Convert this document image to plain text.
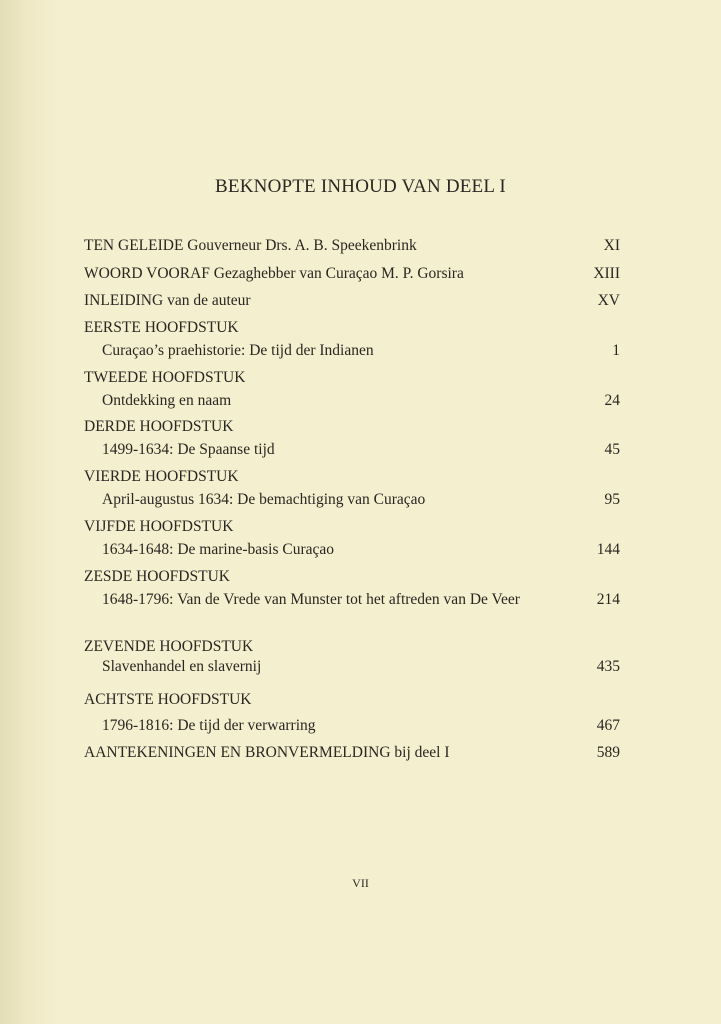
BEKNOPTE INHOUD VAN DEEL I
TEN GELEIDE Gouverneur Drs. A. B. Speekenbrink	XI
WOORD VOORAF Gezaghebber van Curaçao M. P. Gorsira	XIII
INLEIDING van de auteur	XV
EERSTE HOOFDSTUK
Curaçao’s praehistorie: De tijd der Indianen	1
TWEEDE HOOFDSTUK
Ontdekking en naam	24
DERDE HOOFDSTUK
1499-1634: De Spaanse tijd	45
VIERDE HOOFDSTUK
April-augustus 1634: De bemachtiging van Curaçao	95
VIJFDE HOOFDSTUK
1634-1648: De marine-basis Curaçao	144
ZESDE HOOFDSTUK
1648-1796: Van de Vrede van Munster tot het aftreden van De Veer	214
ZEVENDE HOOFDSTUK
Slavenhandel en slavernij	435
ACHTSTE HOOFDSTUK
1796-1816: De tijd der verwarring	467
AANTEKENINGEN EN BRONVERMELDING bij deel I	589
VII
